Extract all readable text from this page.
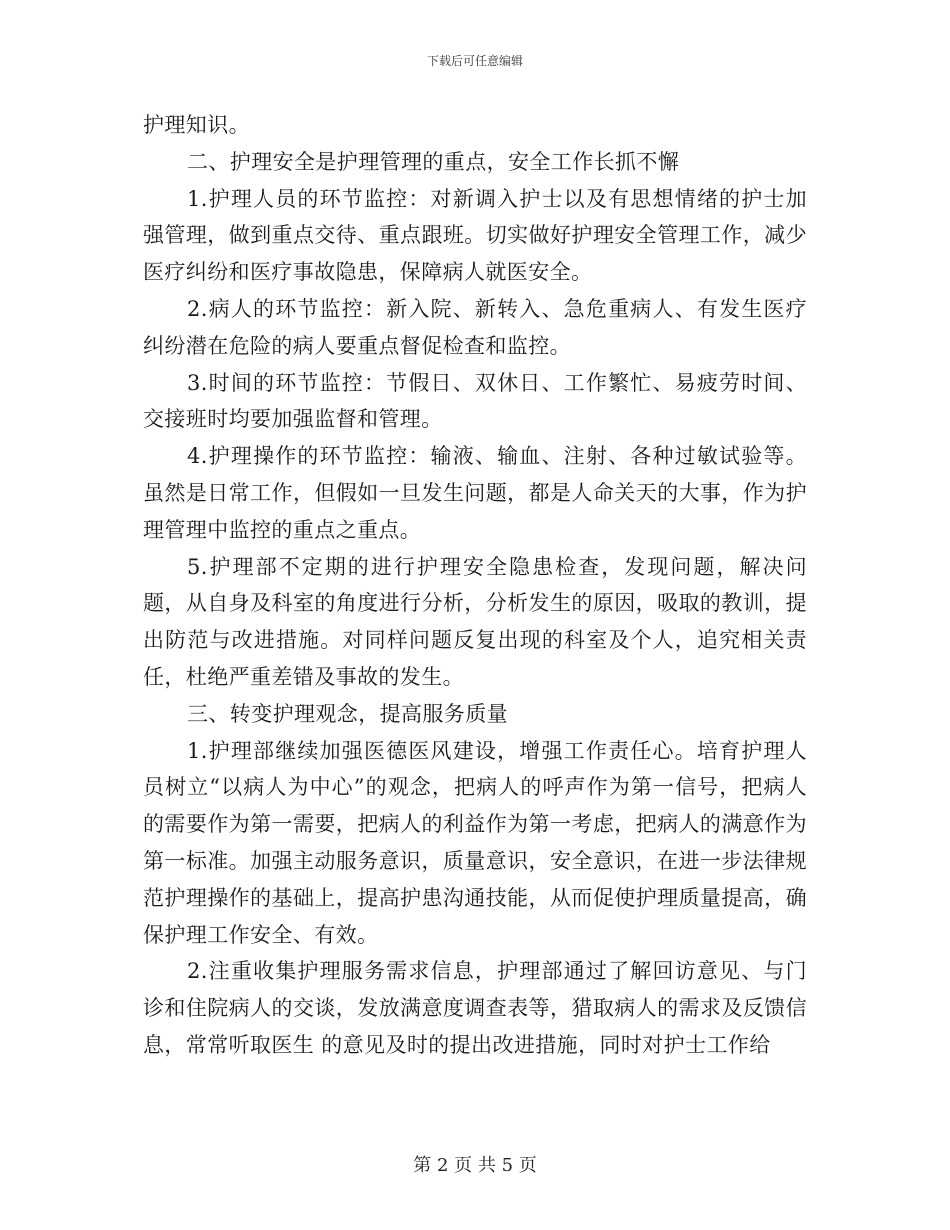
下载后可任意编辑

护理知识。

二、护理安全是护理管理的重点，安全工作长抓不懈

1.护理人员的环节监控：对新调入护士以及有思想情绪的护士加强管理，做到重点交待、重点跟班。切实做好护理安全管理工作，减少医疗纠纷和医疗事故隐患，保障病人就医安全。

2.病人的环节监控：新入院、新转入、急危重病人、有发生医疗纠纷潜在危险的病人要重点督促检查和监控。

3.时间的环节监控：节假日、双休日、工作繁忙、易疲劳时间、交接班时均要加强监督和管理。

4.护理操作的环节监控：输液、输血、注射、各种过敏试验等。虽然是日常工作，但假如一旦发生问题，都是人命关天的大事，作为护理管理中监控的重点之重点。

5.护理部不定期的进行护理安全隐患检查，发现问题，解决问题，从自身及科室的角度进行分析，分析发生的原因，吸取的教训，提出防范与改进措施。对同样问题反复出现的科室及个人，追究相关责任，杜绝严重差错及事故的发生。

三、转变护理观念，提高服务质量

1.护理部继续加强医德医风建设，增强工作责任心。培育护理人员树立“以病人为中心”的观念，把病人的呼声作为第一信号，把病人的需要作为第一需要，把病人的利益作为第一考虑，把病人的满意作为第一标准。加强主动服务意识，质量意识，安全意识，在进一步法律规范护理操作的基础上，提高护患沟通技能，从而促使护理质量提高，确保护理工作安全、有效。

2.注重收集护理服务需求信息，护理部通过了解回访意见、与门诊和住院病人的交谈，发放满意度调查表等，猎取病人的需求及反馈信息，常常听取医生 的意见及时的提出改进措施，同时对护士工作给

第 2 页 共 5 页
